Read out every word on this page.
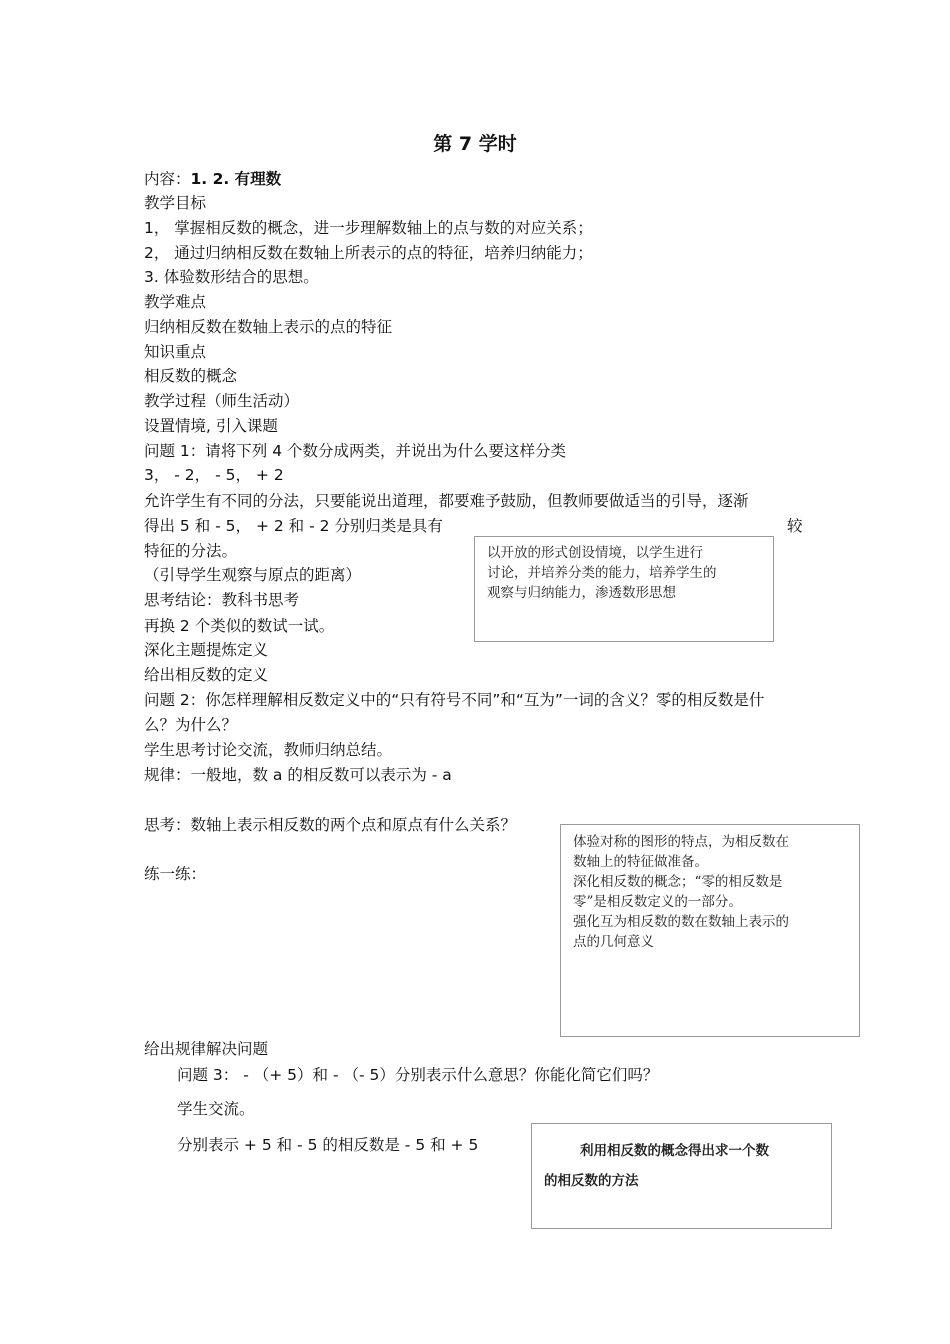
第 7 学时
内容：1. 2. 有理数
教学目标
1， 掌握相反数的概念，进一步理解数轴上的点与数的对应关系；
2， 通过归纳相反数在数轴上所表示的点的特征，培养归纳能力；
3. 体验数形结合的思想。
教学难点
归纳相反数在数轴上表示的点的特征
知识重点
相反数的概念
教学过程（师生活动）
设置情境, 引入课题
问题 1：请将下列 4 个数分成两类，并说出为什么要这样分类
3， - 2， - 5， + 2
允许学生有不同的分法，只要能说出道理，都要难予鼓励，但教师要做适当的引导，逐渐
得出 5 和 - 5， + 2 和 - 2 分别归类是具有	较
特征的分法。
（引导学生观察与原点的距离）
思考结论：教科书思考
再换 2 个类似的数试一试。
深化主题提炼定义
给出相反数的定义
问题 2：你怎样理解相反数定义中的“只有符号不同”和“互为”一词的含义？零的相反数是什
么？为什么？
学生思考讨论交流，教师归纳总结。
规律：一般地，数 a 的相反数可以表示为 - a
思考：数轴上表示相反数的两个点和原点有什么关系？
练一练：
给出规律解决问题
问题 3： - （+ 5）和 - （- 5）分别表示什么意思？你能化简它们吗？
学生交流。
分别表示 + 5 和 - 5 的相反数是 - 5 和 + 5

以开放的形式创设情境，以学生进行

讨论，并培养分类的能力，培养学生的

观察与归纳能力，渗透数形思想

体验对称的图形的特点，为相反数在

数轴上的特征做准备。

深化相反数的概念；“零的相反数是

零”是相反数定义的一部分。

强化互为相反数的数在数轴上表示的

点的几何意义

利用相反数的概念得出求一个数

的相反数的方法
